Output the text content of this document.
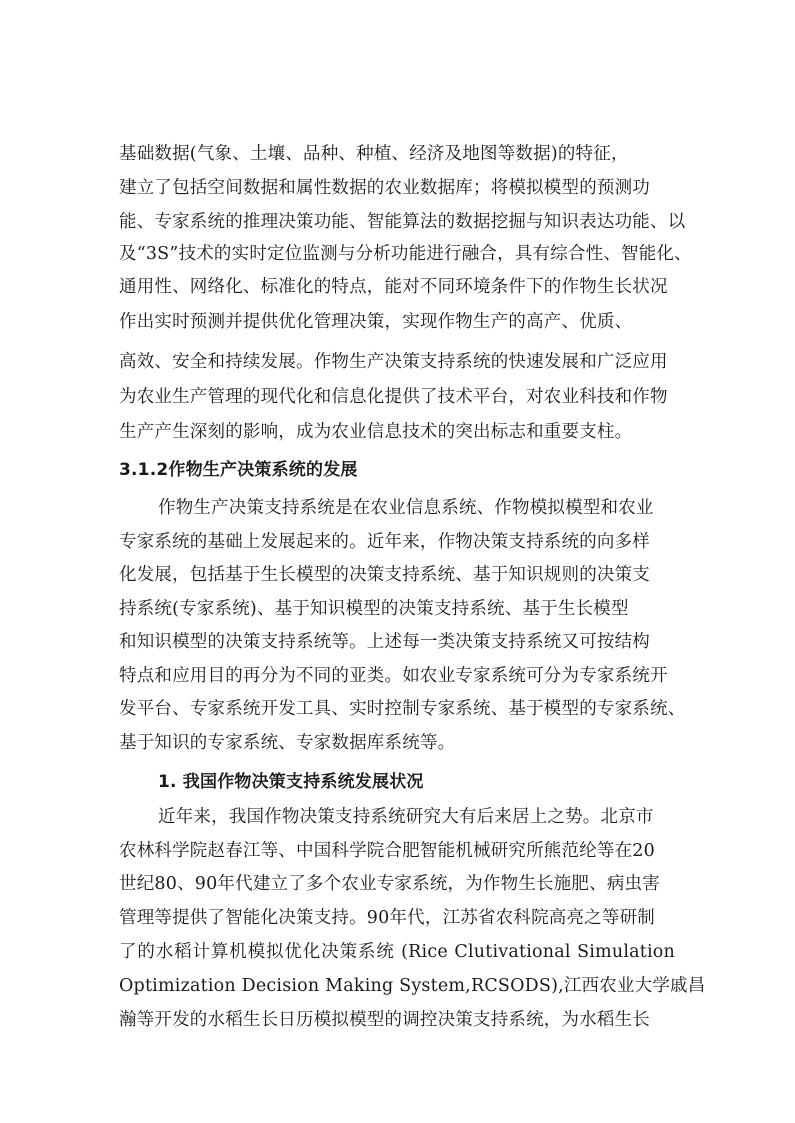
基础数据(气象、土壤、品种、种植、经济及地图等数据)的特征，
建立了包括空间数据和属性数据的农业数据库；将模拟模型的预测功
能、专家系统的推理决策功能、智能算法的数据挖掘与知识表达功能、以
及“3S”技术的实时定位监测与分析功能进行融合，具有综合性、智能化、
通用性、网络化、标准化的特点，能对不同环境条件下的作物生长状况
作出实时预测并提供优化管理决策，实现作物生产的高产、优质、
高效、安全和持续发展。作物生产决策支持系统的快速发展和广泛应用
为农业生产管理的现代化和信息化提供了技术平台，对农业科技和作物
生产产生深刻的影响，成为农业信息技术的突出标志和重要支柱。
3.1.2作物生产决策系统的发展
作物生产决策支持系统是在农业信息系统、作物模拟模型和农业
专家系统的基础上发展起来的。近年来，作物决策支持系统的向多样
化发展，包括基于生长模型的决策支持系统、基于知识规则的决策支
持系统(专家系统)、基于知识模型的决策支持系统、基于生长模型
和知识模型的决策支持系统等。上述每一类决策支持系统又可按结构
特点和应用目的再分为不同的亚类。如农业专家系统可分为专家系统开
发平台、专家系统开发工具、实时控制专家系统、基于模型的专家系统、
基于知识的专家系统、专家数据库系统等。
1. 我国作物决策支持系统发展状况
近年来，我国作物决策支持系统研究大有后来居上之势。北京市
农林科学院赵春江等、中国科学院合肥智能机械研究所熊范纶等在20
世纪80、90年代建立了多个农业专家系统，为作物生长施肥、病虫害
管理等提供了智能化决策支持。90年代，江苏省农科院高亮之等研制
了的水稻计算机模拟优化决策系统 (Rice Clutivational Simulation
Optimization Decision Making System,RCSODS),江西农业大学戚昌
瀚等开发的水稻生长日历模拟模型的调控决策支持系统，为水稻生长
